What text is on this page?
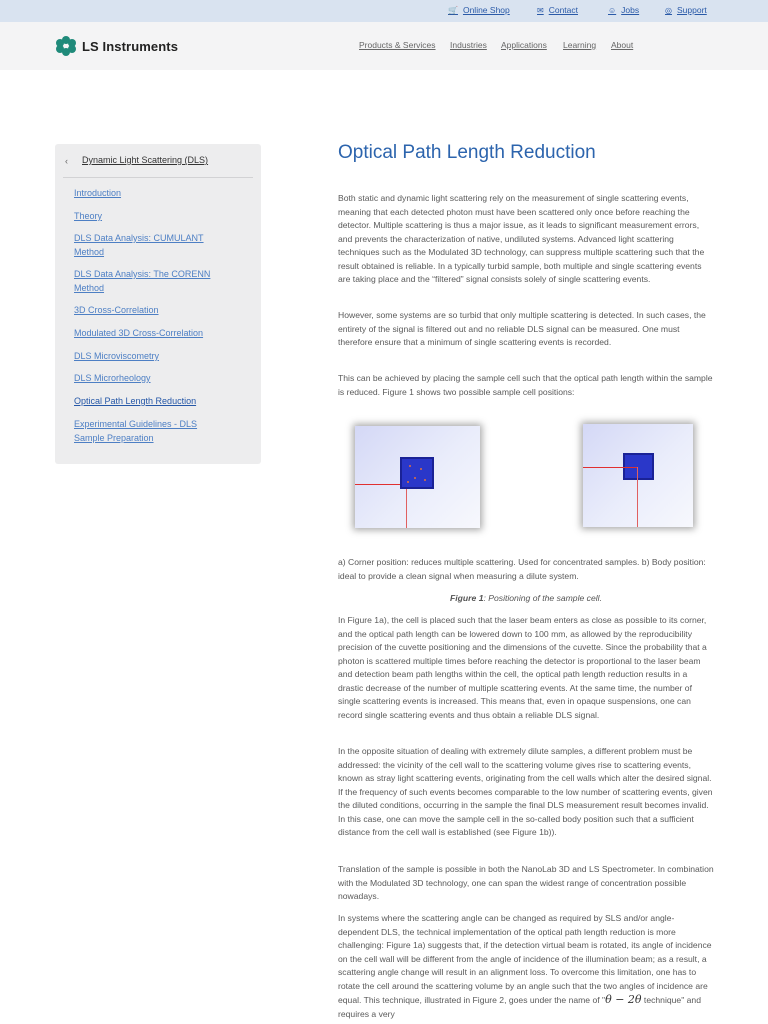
🛒 Online Shop	✉ Contact	☺ Jobs	◎ Support
LS Instruments	Products & Services Industries Applications Learning About
‹ Dynamic Light Scattering (DLS)
Introduction
Theory
DLS Data Analysis: CUMULANT Method
DLS Data Analysis: The CORENN Method
3D Cross-Correlation
Modulated 3D Cross-Correlation
DLS Microviscometry
DLS Microrheology
Optical Path Length Reduction
Experimental Guidelines - DLS Sample Preparation
Optical Path Length Reduction

Both static and dynamic light scattering rely on the measurement of single scattering events, meaning that each detected photon must have been scattered only once before reaching the detector. Multiple scattering is thus a major issue, as it leads to significant measurement errors, and prevents the characterization of native, undiluted systems. Advanced light scattering techniques such as the Modulated 3D technology, can suppress multiple scattering such that the result obtained is reliable. In a typically turbid sample, both multiple and single scattering events are taking place and the “filtered” signal consists solely of single scattering events.

However, some systems are so turbid that only multiple scattering is detected. In such cases, the entirety of the signal is filtered out and no reliable DLS signal can be measured. One must therefore ensure that a minimum of single scattering events is recorded.

This can be achieved by placing the sample cell such that the optical path length within the sample is reduced. Figure 1 shows two possible sample cell positions:

a) Corner position: reduces multiple scattering. Used for concentrated samples. b) Body position: ideal to provide a clean signal when measuring a dilute system.

Figure 1: Positioning of the sample cell.

In Figure 1a), the cell is placed such that the laser beam enters as close as possible to its corner, and the optical path length can be lowered down to 100 mm, as allowed by the reproducibility precision of the cuvette positioning and the dimensions of the cuvette. Since the probability that a photon is scattered multiple times before reaching the detector is proportional to the laser beam and detection beam path lengths within the cell, the optical path length reduction results in a drastic decrease of the number of multiple scattering events. At the same time, the number of single scattering events is increased. This means that, even in opaque suspensions, one can record single scattering events and thus obtain a reliable DLS signal.

In the opposite situation of dealing with extremely dilute samples, a different problem must be addressed: the vicinity of the cell wall to the scattering volume gives rise to scattering events, known as stray light scattering events, originating from the cell walls which alter the desired signal. If the frequency of such events becomes comparable to the low number of scattering events, given the diluted conditions, occurring in the sample the final DLS measurement result becomes invalid. In this case, one can move the sample cell in the so-called body position such that a sufficient distance from the cell wall is established (see Figure 1b)).

Translation of the sample is possible in both the NanoLab 3D and LS Spectrometer. In combination with the Modulated 3D technology, one can span the widest range of concentration possible nowadays.

In systems where the scattering angle can be changed as required by SLS and/or angle-dependent DLS, the technical implementation of the optical path length reduction is more challenging: Figure 1a) suggests that, if the detection virtual beam is rotated, its angle of incidence on the cell wall will be different from the angle of incidence of the illumination beam; as a result, a scattering angle change will result in an alignment loss. To overcome this limitation, one has to rotate the cell around the scattering volume by an angle such that the two angles of incidence are equal. This technique, illustrated in Figure 2, goes under the name of "θ − 2θ technique" and requires a very
